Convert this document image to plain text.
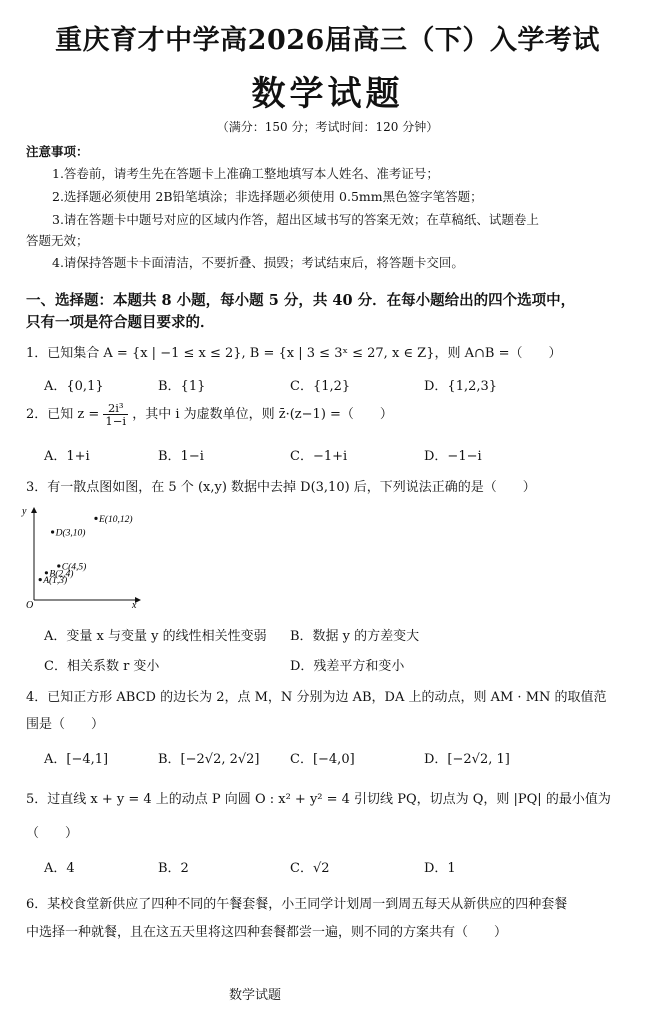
重庆育才中学高2026届高三（下）入学考试
数学试题
（满分：150 分；考试时间：120 分钟）
注意事项：
1.答卷前，请考生先在答题卡上准确工整地填写本人姓名、准考证号；
2.选择题必须使用 2B铅笔填涂；非选择题必须使用 0.5mm黑色签字笔答题；
3.请在答题卡中题号对应的区域内作答，超出区域书写的答案无效；在草稿纸、试题卷上
答题无效；
4.请保持答题卡卡面清洁，不要折叠、损毁；考试结束后，将答题卡交回。
一、选择题：本题共 8 小题，每小题 5 分，共 40 分．在每小题给出的四个选项中，
只有一项是符合题目要求的．
1．已知集合 A = {x | −1 ≤ x ≤ 2}, B = {x | 3 ≤ 3ˣ ≤ 27, x ∈ Z}，则 A∩B =（　　）
A．{0,1}	B．{1}	C．{1,2}	D．{1,2,3}
2．已知 $z = \frac{\text{2i³}}{1-i}$ ，其中 i 为虚数单位，则 z̄·(z−1) =（　　）
A．1+i	B．1−i	C．−1+i	D．−1−i
3．有一散点图如图，在 5 个 (x,y) 数据中去掉 D(3,10) 后，下列说法正确的是（　　）
y
x
O
A(1,3)
B(2,4)
C(4,5)
D(3,10)
E(10,12)
A．变量 x 与变量 y 的线性相关性变弱 B．数据 y 的方差变大
C．相关系数 r 变小	D．残差平方和变小
4．已知正方形 ABCD 的边长为 2，点 M，N 分别为边 AB，DA 上的动点，则 AM · MN 的取值范
围是（　　）
A．[−4,1]	B．[−2√2, 2√2] C．[−4,0]	D．[−2√2, 1]
5．过直线 x + y = 4 上的动点 P 向圆 O : x² + y² = 4 引切线 PQ，切点为 Q，则 |PQ| 的最小值为
（　　）
A．4	B．2	C．√2	D．1
6．某校食堂新供应了四种不同的午餐套餐，小王同学计划周一到周五每天从新供应的四种套餐
中选择一种就餐，且在这五天里将这四种套餐都尝一遍，则不同的方案共有（　　）
数学试题
